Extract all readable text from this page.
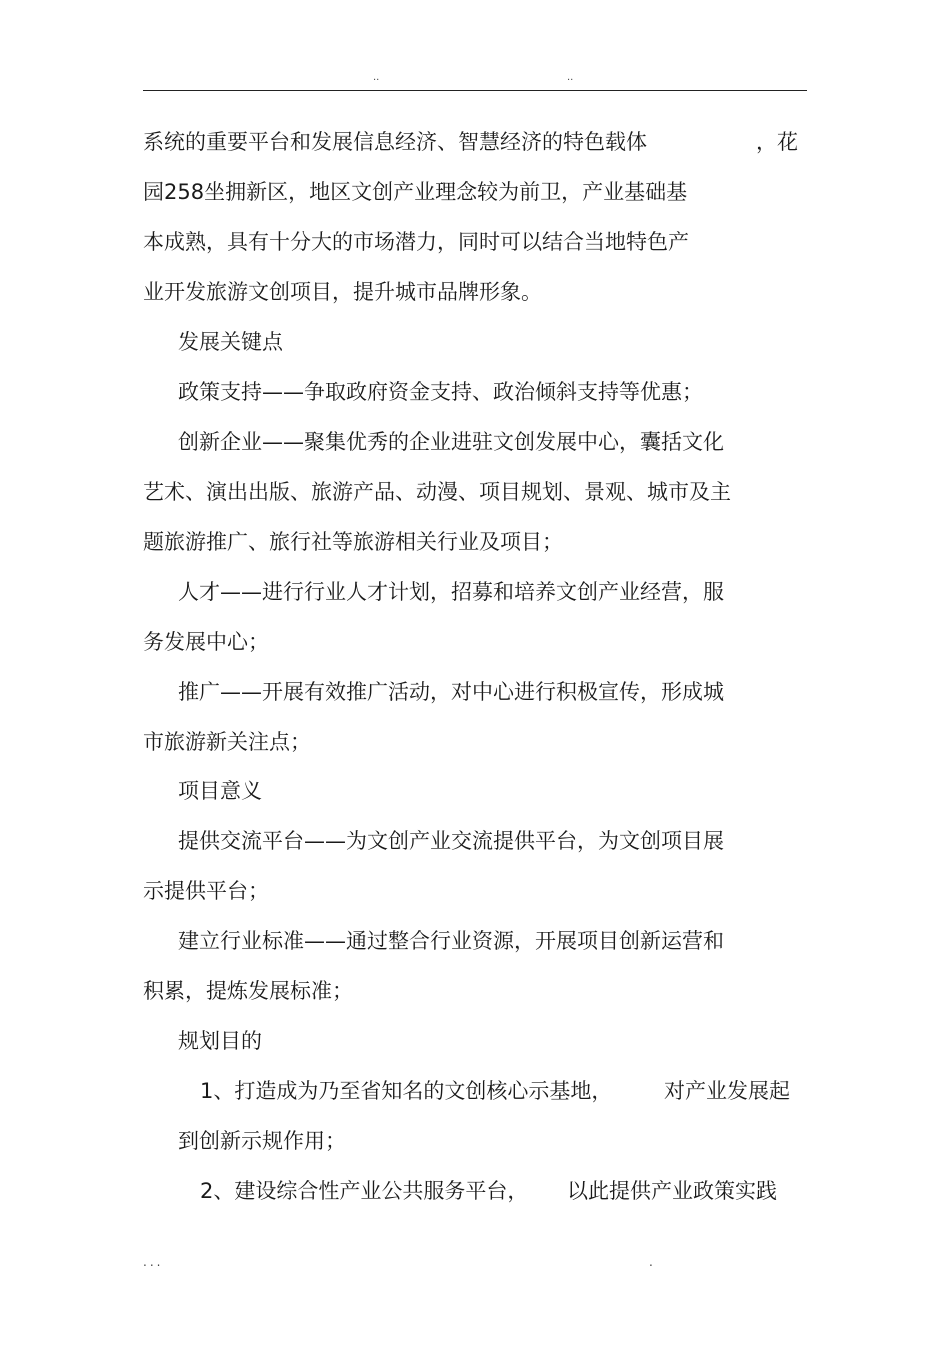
..	..
系统的重要平台和发展信息经济、智慧经济的特色载体	，花
园258坐拥新区，地区文创产业理念较为前卫，产业基础基
本成熟，具有十分大的市场潜力，同时可以结合当地特色产
业开发旅游文创项目，提升城市品牌形象。
发展关键点
政策支持——争取政府资金支持、政治倾斜支持等优惠；
创新企业——聚集优秀的企业进驻文创发展中心，囊括文化
艺术、演出出版、旅游产品、动漫、项目规划、景观、城市及主
题旅游推广、旅行社等旅游相关行业及项目；
人才——进行行业人才计划，招募和培养文创产业经营，服
务发展中心；
推广——开展有效推广活动，对中心进行积极宣传，形成城
市旅游新关注点；
项目意义
提供交流平台——为文创产业交流提供平台，为文创项目展
示提供平台；
建立行业标准——通过整合行业资源，开展项目创新运营和
积累，提炼发展标准；
规划目的
1、打造成为乃至省知名的文创核心示基地， 对产业发展起
到创新示规作用；
2、建设综合性产业公共服务平台， 以此提供产业政策实践
...	.
